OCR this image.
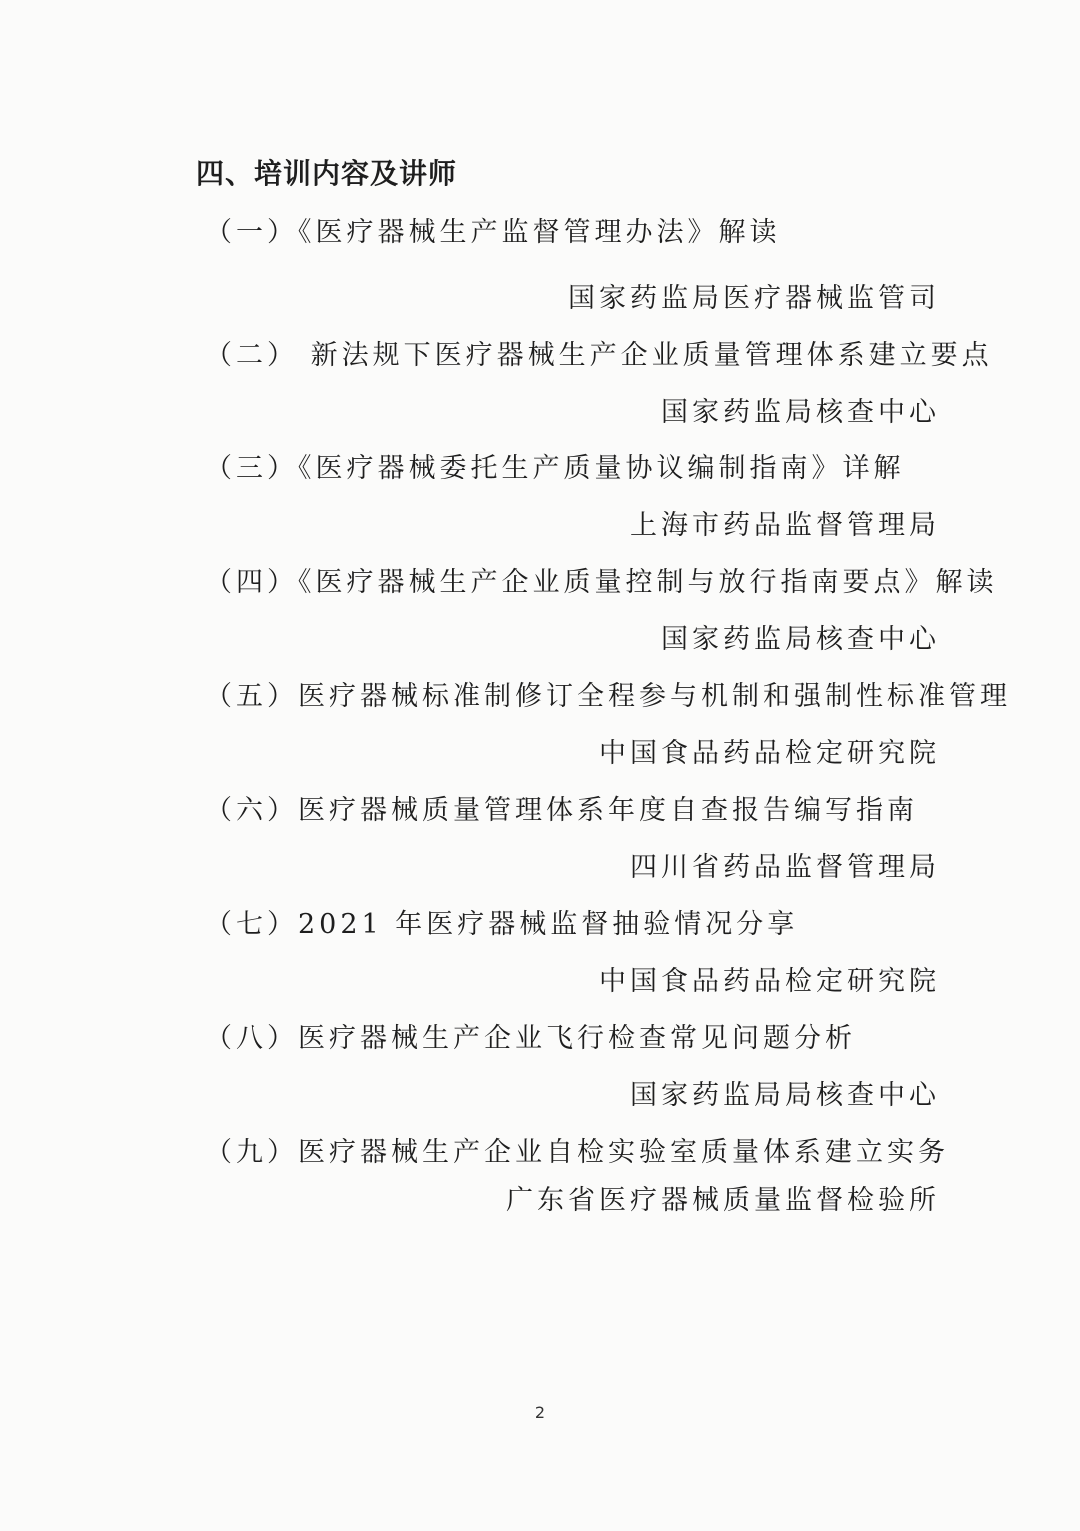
四、培训内容及讲师
（一）《医疗器械生产监督管理办法》解读
国家药监局医疗器械监管司
（二） 新法规下医疗器械生产企业质量管理体系建立要点
国家药监局核查中心
（三）《医疗器械委托生产质量协议编制指南》详解
上海市药品监督管理局
（四）《医疗器械生产企业质量控制与放行指南要点》解读
国家药监局核查中心
（五）医疗器械标准制修订全程参与机制和强制性标准管理
中国食品药品检定研究院
（六）医疗器械质量管理体系年度自查报告编写指南
四川省药品监督管理局
（七）2021 年医疗器械监督抽验情况分享
中国食品药品检定研究院
（八）医疗器械生产企业飞行检查常见问题分析
国家药监局局核查中心
（九）医疗器械生产企业自检实验室质量体系建立实务
广东省医疗器械质量监督检验所
2
